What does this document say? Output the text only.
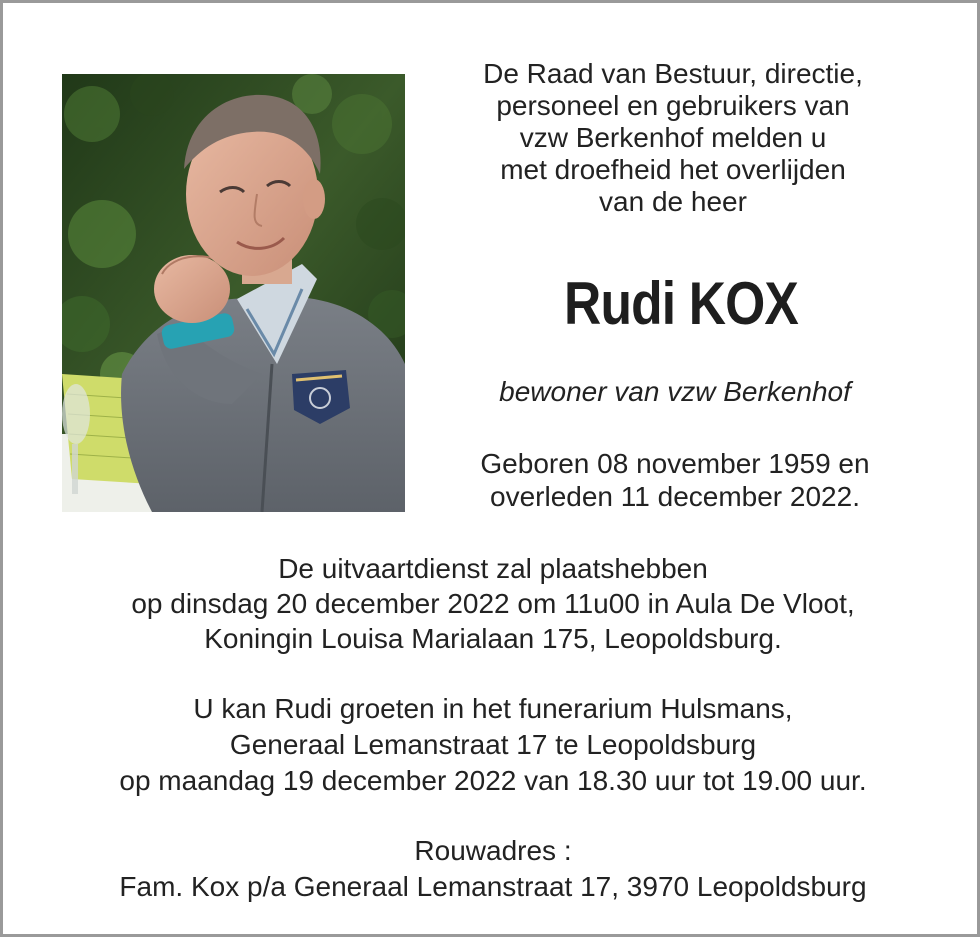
De Raad van Bestuur, directie,
personeel en gebruikers van
vzw Berkenhof melden u
met droefheid het overlijden
van de heer
Rudi KOX
bewoner van vzw Berkenhof
Geboren 08 november 1959 en
overleden 11 december 2022.
De uitvaartdienst zal plaatshebben
op dinsdag 20 december 2022 om 11u00 in Aula De Vloot,
Koningin Louisa Marialaan 175, Leopoldsburg.
U kan Rudi groeten in het funerarium Hulsmans,
Generaal Lemanstraat 17 te Leopoldsburg
op maandag 19 december 2022 van 18.30 uur tot 19.00 uur.
Rouwadres :
Fam. Kox p/a Generaal Lemanstraat 17, 3970 Leopoldsburg
